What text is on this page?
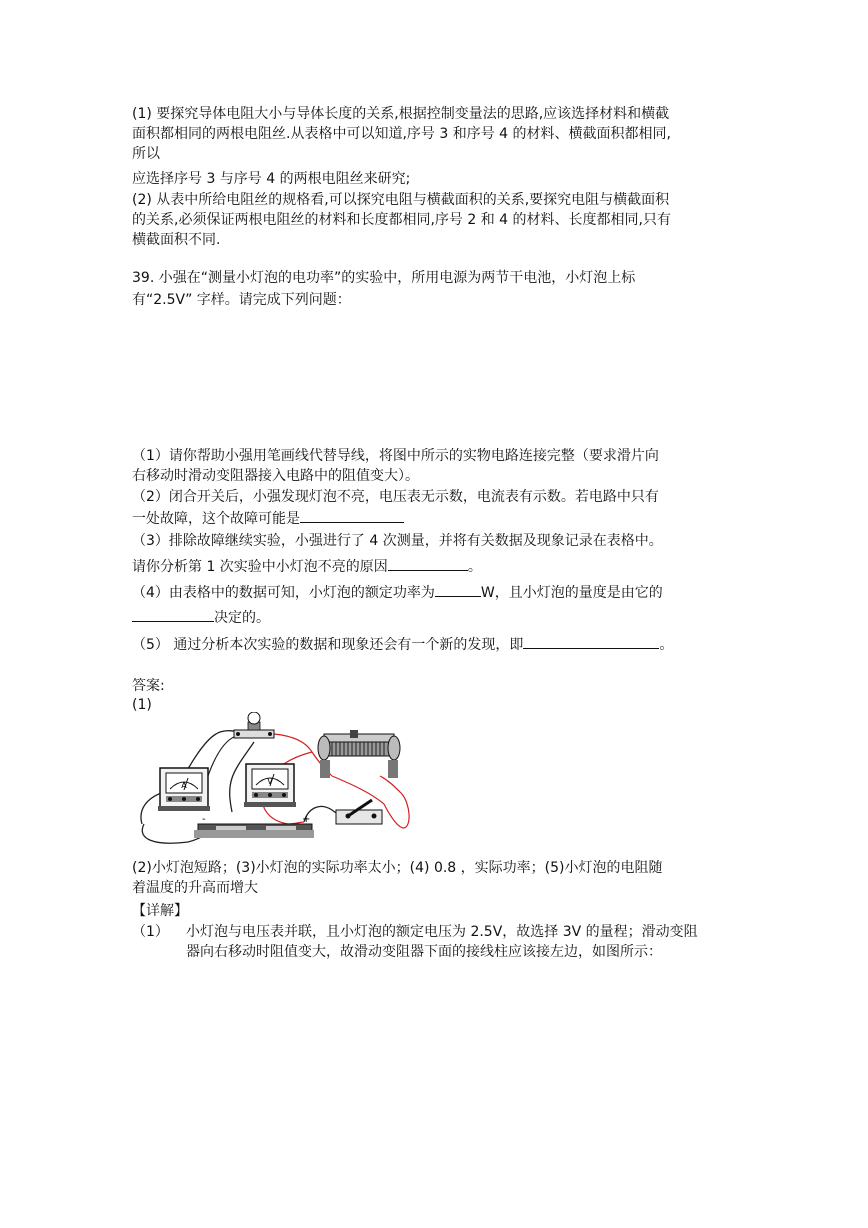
(1) 要探究导体电阻大小与导体长度的关系,根据控制变量法的思路,应该选择材料和横截
面积都相同的两根电阻丝.从表格中可以知道,序号 3 和序号 4 的材料、横截面积都相同,
所以
应选择序号 3 与序号 4 的两根电阻丝来研究;
(2) 从表中所给电阻丝的规格看,可以探究电阻与横截面积的关系,要探究电阻与横截面积
的关系,必须保证两根电阻丝的材料和长度都相同,序号 2 和 4 的材料、长度都相同,只有
横截面积不同.
39. 小强在“测量小灯泡的电功率”的实验中，所用电源为两节干电池，小灯泡上标
有“2.5V” 字样。请完成下列问题：
（1）请你帮助小强用笔画线代替导线，将图中所示的实物电路连接完整（要求滑片向
右移动时滑动变阻器接入电路中的阻值变大）。
（2）闭合开关后，小强发现灯泡不亮，电压表无示数，电流表有示数。若电路中只有
一处故障，这个故障可能是
（3）排除故障继续实验，小强进行了 4 次测量，并将有关数据及现象记录在表格中。
请你分析第 1 次实验中小灯泡不亮的原因	。
（4）由表格中的数据可知，小灯泡的额定功率为	W，且小灯泡的量度是由它的
决定的。
（5） 通过分析本次实验的数据和现象还会有一个新的发现，即	。
答案:
(1)
A	V
-	+
(2)小灯泡短路；(3)小灯泡的实际功率太小；(4) 0.8 ，实际功率；(5)小灯泡的电阻随
着温度的升高而增大
【详解】
（1） 小灯泡与电压表并联，且小灯泡的额定电压为 2.5V，故选择 3V 的量程；滑动变阻
器向右移动时阻值变大，故滑动变阻器下面的接线柱应该接左边，如图所示：
